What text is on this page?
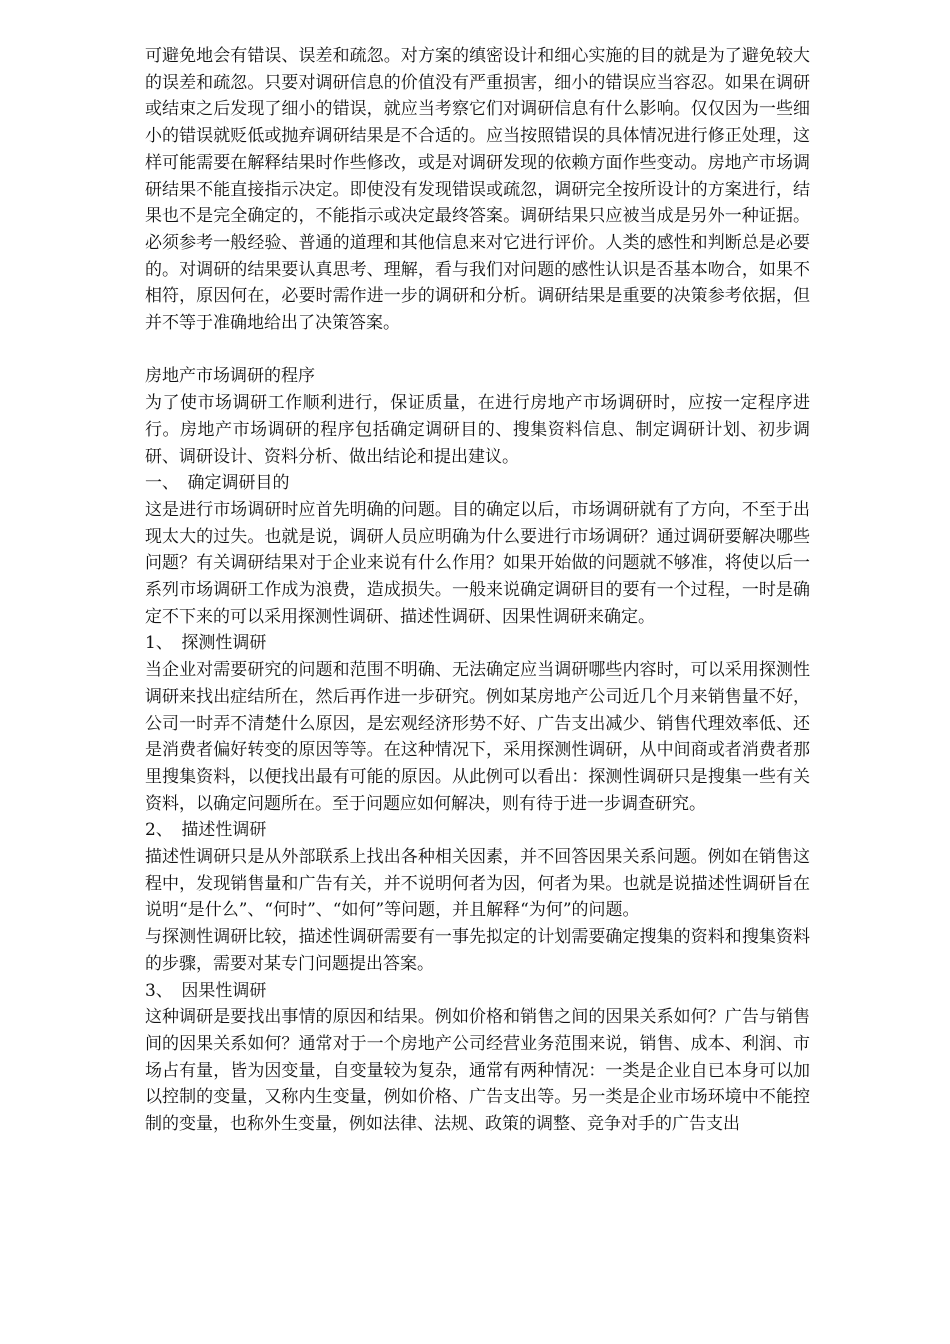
可避免地会有错误、误差和疏忽。对方案的缜密设计和细心实施的目的就是为了避免较大的误差和疏忽。只要对调研信息的价值没有严重损害，细小的错误应当容忍。如果在调研或结束之后发现了细小的错误，就应当考察它们对调研信息有什么影响。仅仅因为一些细小的错误就贬低或抛弃调研结果是不合适的。应当按照错误的具体情况进行修正处理，这样可能需要在解释结果时作些修改，或是对调研发现的依赖方面作些变动。房地产市场调研结果不能直接指示决定。即使没有发现错误或疏忽，调研完全按所设计的方案进行，结果也不是完全确定的，不能指示或决定最终答案。调研结果只应被当成是另外一种证据。必须参考一般经验、普通的道理和其他信息来对它进行评价。人类的感性和判断总是必要的。对调研的结果要认真思考、理解，看与我们对问题的感性认识是否基本吻合，如果不相符，原因何在，必要时需作进一步的调研和分析。调研结果是重要的决策参考依据，但并不等于准确地给出了决策答案。

房地产市场调研的程序

为了使市场调研工作顺利进行，保证质量，在进行房地产市场调研时，应按一定程序进行。房地产市场调研的程序包括确定调研目的、搜集资料信息、制定调研计划、初步调研、调研设计、资料分析、做出结论和提出建议。

一、　确定调研目的

这是进行市场调研时应首先明确的问题。目的确定以后，市场调研就有了方向，不至于出现太大的过失。也就是说，调研人员应明确为什么要进行市场调研？通过调研要解决哪些问题？有关调研结果对于企业来说有什么作用？如果开始做的问题就不够准，将使以后一系列市场调研工作成为浪费，造成损失。一般来说确定调研目的要有一个过程，一时是确定不下来的可以采用探测性调研、描述性调研、因果性调研来确定。

1、　探测性调研

当企业对需要研究的问题和范围不明确、无法确定应当调研哪些内容时，可以采用探测性调研来找出症结所在，然后再作进一步研究。例如某房地产公司近几个月来销售量不好，公司一时弄不清楚什么原因，是宏观经济形势不好、广告支出减少、销售代理效率低、还是消费者偏好转变的原因等等。在这种情况下，采用探测性调研，从中间商或者消费者那里搜集资料，以便找出最有可能的原因。从此例可以看出：探测性调研只是搜集一些有关资料，以确定问题所在。至于问题应如何解决，则有待于进一步调查研究。

2、　描述性调研

描述性调研只是从外部联系上找出各种相关因素，并不回答因果关系问题。例如在销售这程中，发现销售量和广告有关，并不说明何者为因，何者为果。也就是说描述性调研旨在说明“是什么”、“何时”、“如何”等问题，并且解释“为何”的问题。

与探测性调研比较，描述性调研需要有一事先拟定的计划需要确定搜集的资料和搜集资料的步骤，需要对某专门问题提出答案。

3、　因果性调研

这种调研是要找出事情的原因和结果。例如价格和销售之间的因果关系如何？广告与销售间的因果关系如何？通常对于一个房地产公司经营业务范围来说，销售、成本、利润、市场占有量，皆为因变量，自变量较为复杂，通常有两种情况：一类是企业自已本身可以加以控制的变量，又称内生变量，例如价格、广告支出等。另一类是企业市场环境中不能控制的变量，也称外生变量，例如法律、法规、政策的调整、竞争对手的广告支出
